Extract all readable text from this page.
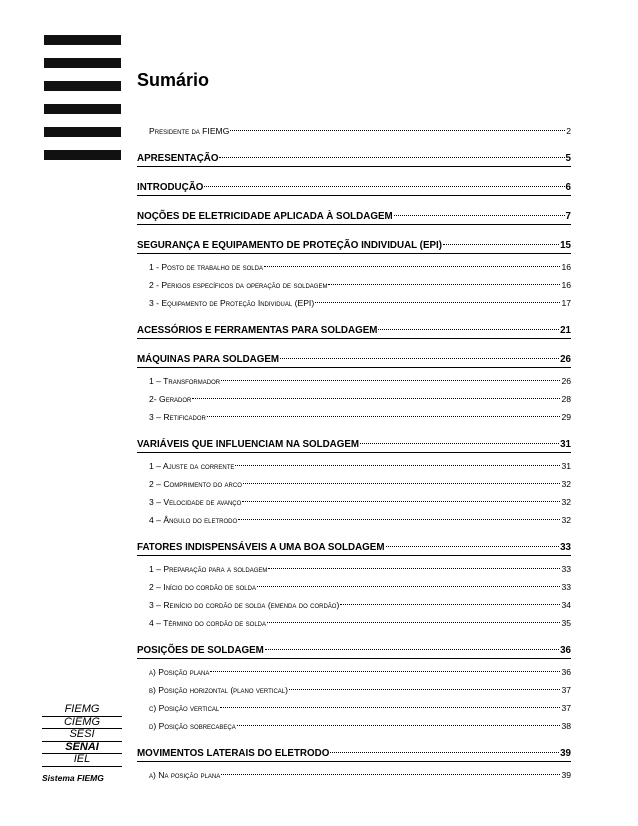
Sumário
Presidente da FIEMG	2
APRESENTAÇÃO	5
INTRODUÇÃO	6
NOÇÕES DE ELETRICIDADE APLICADA À SOLDAGEM	7
SEGURANÇA E EQUIPAMENTO DE PROTEÇÃO INDIVIDUAL (EPI)	15
1 - Posto de trabalho de solda	16
2 - Perigos específicos da operação de soldagem	16
3 - Equipamento de Proteção Individual (EPI)	17
ACESSÓRIOS E FERRAMENTAS PARA SOLDAGEM	21
MÁQUINAS PARA SOLDAGEM	26
1 – Transformador	26
2- Gerador	28
3 – Retificador	29
VARIÁVEIS QUE INFLUENCIAM NA SOLDAGEM	31
1 – Ajuste da corrente	31
2 – Comprimento do arco	32
3 – Velocidade de avanço	32
4 – Ângulo do eletrodo	32
FATORES INDISPENSÁVEIS A UMA BOA SOLDAGEM	33
1 – Preparação para a soldagem	33
2 – Início do cordão de solda	33
3 – Reinício do cordão de solda (emenda do cordão)	34
4 – Término do cordão de solda	35
POSIÇÕES DE SOLDAGEM	36
a) Posição plana	36
b) Posição horizontal (plano vertical)	37
c) Posição vertical	37
d) Posição sobrecabeça	38
MOVIMENTOS LATERAIS DO ELETRODO	39
a) Na posição plana	39
FIEMG
CIEMG
SESI
SENAI
IEL
Sistema FIEMG
